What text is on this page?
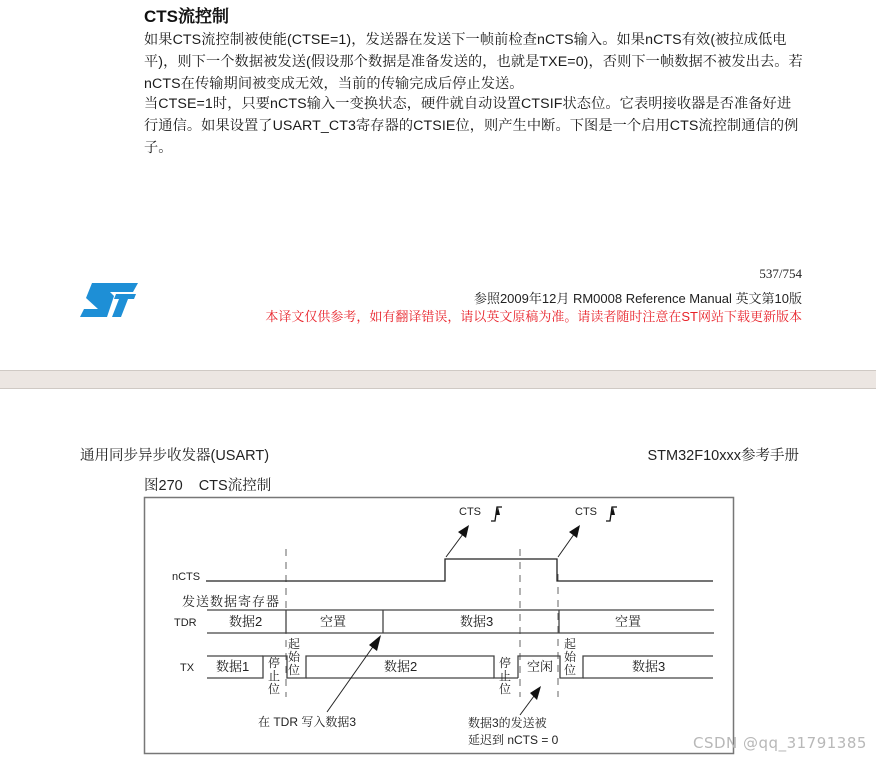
CTS流控制
如果CTS流控制被使能(CTSE=1)，发送器在发送下一帧前检查nCTS输入。如果nCTS有效(被拉成低电平)，则下一个数据被发送(假设那个数据是准备发送的，也就是TXE=0)，否则下一帧数据不被发出去。若nCTS在传输期间被变成无效，当前的传输完成后停止发送。
当CTSE=1时，只要nCTS输入一变换状态，硬件就自动设置CTSIF状态位。它表明接收器是否准备好进行通信。如果设置了USART_CT3寄存器的CTSIE位，则产生中断。下图是一个启用CTS流控制通信的例子。
537/754
参照2009年12月 RM0008 Reference Manual 英文第10版
本译文仅供参考，如有翻译错误，请以英文原稿为准。请读者随时注意在ST网站下载更新版本
通用同步异步收发器(USART)	STM32F10xxx参考手册
图270 CTS流控制
nCTS
CTS	CTS
发送数据寄存器
TDR 数据2	空置	数据3	空置
TX 数据1	数据2	空闲	数据3
停
止
位
起
始
位	停
止
位
起
始
位
在 TDR 写入数据3	数据3的发送被
延迟到 nCTS = 0	CSDN @qq_31791385
